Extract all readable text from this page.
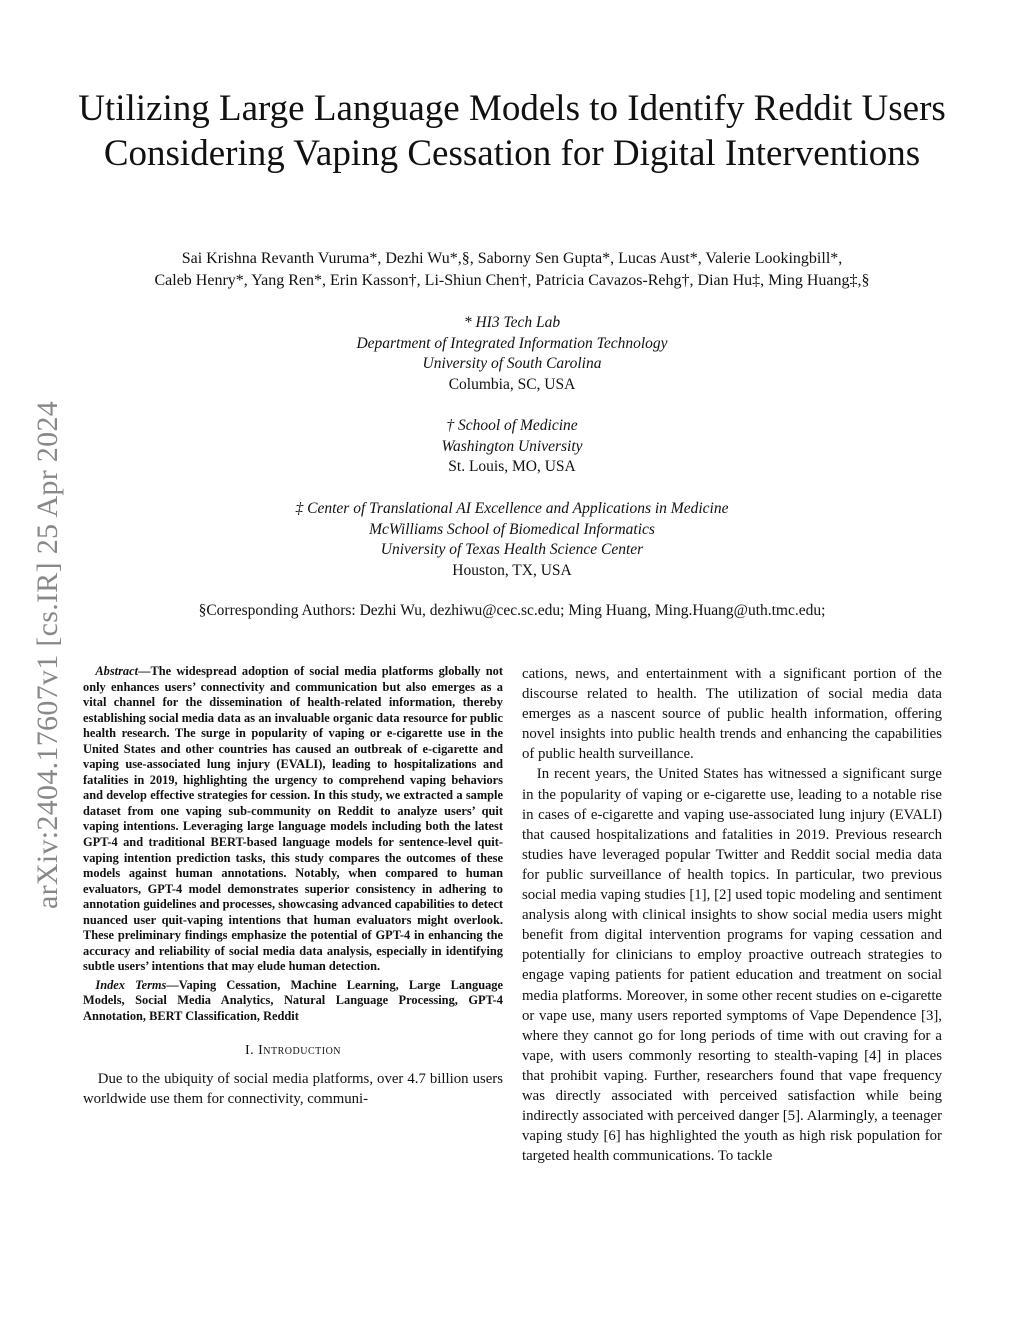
arXiv:2404.17607v1 [cs.IR] 25 Apr 2024
Utilizing Large Language Models to Identify Reddit Users Considering Vaping Cessation for Digital Interventions
Sai Krishna Revanth Vuruma*, Dezhi Wu*,§, Saborny Sen Gupta*, Lucas Aust*, Valerie Lookingbill*,
Caleb Henry*, Yang Ren*, Erin Kasson†, Li-Shiun Chen†, Patricia Cavazos-Rehg†, Dian Hu‡, Ming Huang‡,§
* HI3 Tech Lab
Department of Integrated Information Technology
University of South Carolina
Columbia, SC, USA
† School of Medicine
Washington University
St. Louis, MO, USA
‡ Center of Translational AI Excellence and Applications in Medicine
McWilliams School of Biomedical Informatics
University of Texas Health Science Center
Houston, TX, USA
§Corresponding Authors: Dezhi Wu, dezhiwu@cec.sc.edu; Ming Huang, Ming.Huang@uth.tmc.edu;

Abstract—The widespread adoption of social media platforms globally not only enhances users’ connectivity and communication but also emerges as a vital channel for the dissemination of health-related information, thereby establishing social media data as an invaluable organic data resource for public health research. The surge in popularity of vaping or e-cigarette use in the United States and other countries has caused an outbreak of e-cigarette and vaping use-associated lung injury (EVALI), leading to hospitalizations and fatalities in 2019, highlighting the urgency to comprehend vaping behaviors and develop effective strategies for cession. In this study, we extracted a sample dataset from one vaping sub-community on Reddit to analyze users’ quit vaping intentions. Leveraging large language models including both the latest GPT-4 and traditional BERT-based language models for sentence-level quit-vaping intention prediction tasks, this study compares the outcomes of these models against human annotations. Notably, when compared to human evaluators, GPT-4 model demonstrates superior consistency in adhering to annotation guidelines and processes, showcasing advanced capabilities to detect nuanced user quit-vaping intentions that human evaluators might overlook. These preliminary findings emphasize the potential of GPT-4 in enhancing the accuracy and reliability of social media data analysis, especially in identifying subtle users’ intentions that may elude human detection.

Index Terms—Vaping Cessation, Machine Learning, Large Language Models, Social Media Analytics, Natural Language Processing, GPT-4 Annotation, BERT Classification, Reddit

I. Introduction

Due to the ubiquity of social media platforms, over 4.7 billion users worldwide use them for connectivity, communi-

cations, news, and entertainment with a significant portion of the discourse related to health. The utilization of social media data emerges as a nascent source of public health information, offering novel insights into public health trends and enhancing the capabilities of public health surveillance.

In recent years, the United States has witnessed a significant surge in the popularity of vaping or e-cigarette use, leading to a notable rise in cases of e-cigarette and vaping use-associated lung injury (EVALI) that caused hospitalizations and fatalities in 2019. Previous research studies have leveraged popular Twitter and Reddit social media data for public surveillance of health topics. In particular, two previous social media vaping studies [1], [2] used topic modeling and sentiment analysis along with clinical insights to show social media users might benefit from digital intervention programs for vaping cessation and potentially for clinicians to employ proactive outreach strategies to engage vaping patients for patient education and treatment on social media platforms. Moreover, in some other recent studies on e-cigarette or vape use, many users reported symptoms of Vape Dependence [3], where they cannot go for long periods of time with out craving for a vape, with users commonly resorting to stealth-vaping [4] in places that prohibit vaping. Further, researchers found that vape frequency was directly associated with perceived satisfaction while being indirectly associated with perceived danger [5]. Alarmingly, a teenager vaping study [6] has highlighted the youth as high risk population for targeted health communications. To tackle
